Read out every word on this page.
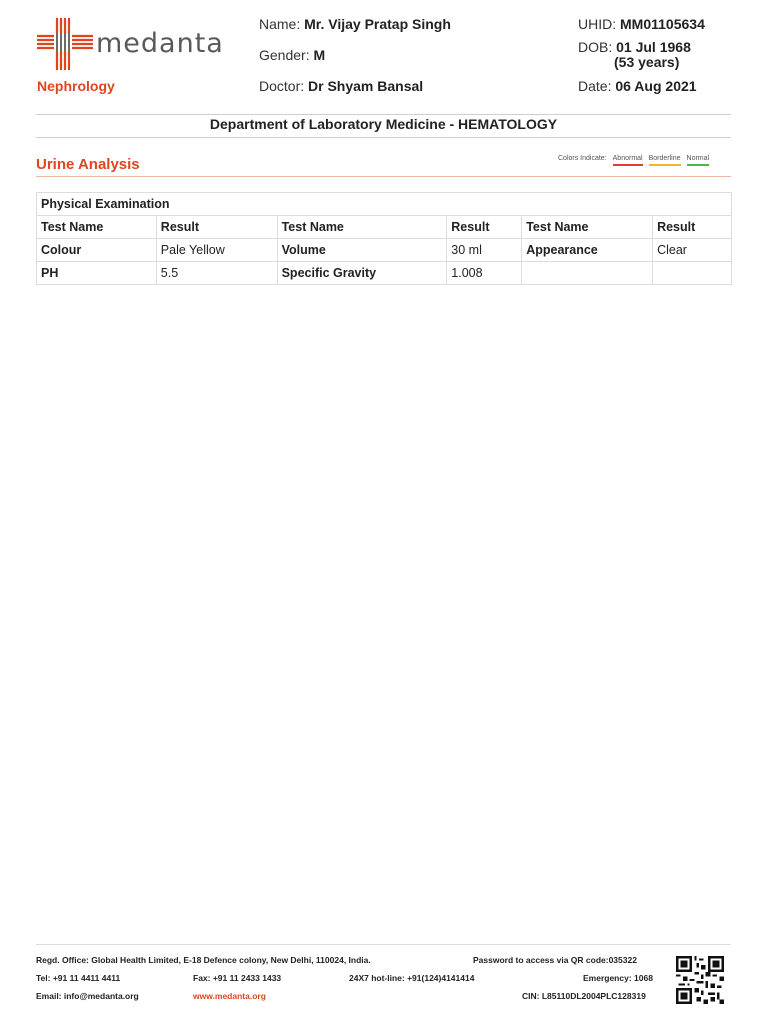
medanta
Nephrology
Name: Mr. Vijay Pratap Singh
Gender: M
Doctor: Dr Shyam Bansal
UHID: MM01105634
DOB: 01 Jul 1968
(53 years)
Date: 06 Aug 2021
Department of Laboratory Medicine - HEMATOLOGY
Urine Analysis	Colors Indicate: Abnormal Borderline Normal
Physical Examination					
Test Name	Result	Test Name	Result	Test Name	Result
Colour	Pale Yellow	Volume	30 ml	Appearance	Clear
PH	5.5	Specific Gravity	1.008		
Regd. Office: Global Health Limited, E-18 Defence colony, New Delhi, 110024, India.	Password to access via QR code:035322
Tel: +91 11 4411 4411	Fax: +91 11 2433 1433	24X7 hot-line: +91(124)4141414	Emergency: 1068
Email: info@medanta.org	www.medanta.org	CIN: L85110DL2004PLC128319
